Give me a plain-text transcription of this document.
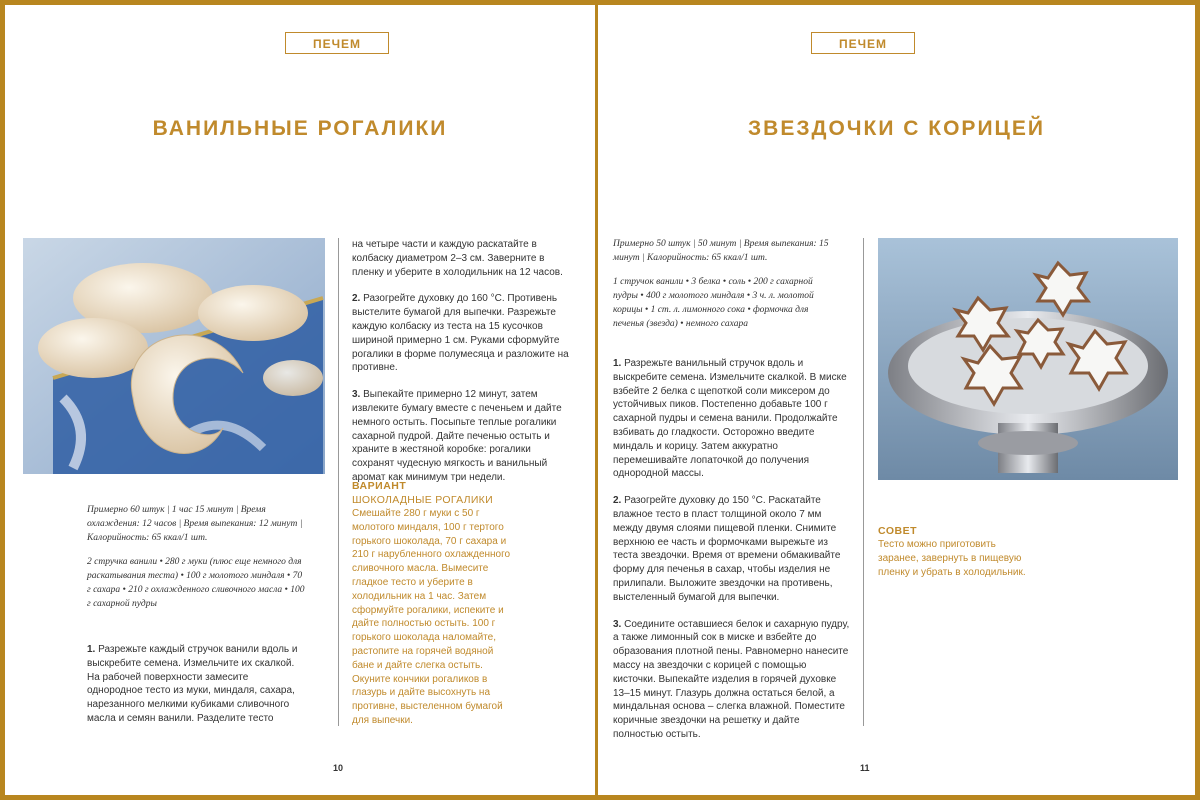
ПЕЧЕМ
ВАНИЛЬНЫЕ РОГАЛИКИ

Примерно 60 штук | 1 час 15 минут | Время охлаждения: 12 часов | Время выпекания: 12 минут | Калорийность: 65 ккал/1 шт.

2 стручка ванили • 280 г муки (плюс еще немного для раскатывания теста) • 100 г молотого миндаля • 70 г сахара • 210 г охлажденного сливочного масла • 100 г сахарной пудры

1. Разрежьте каждый стручок ванили вдоль и выскребите семена. Измельчите их скалкой. На рабочей поверхности замесите однородное тесто из муки, миндаля, сахара, нарезанного мелкими кубиками сливочного масла и семян ванили. Разделите тесто

на четыре части и каждую раскатайте в колбаску диаметром 2–3 см. Заверните в пленку и уберите в холодильник на 12 часов.

2. Разогрейте духовку до 160 °C. Противень выстелите бумагой для выпечки. Разрежьте каждую колбаску из теста на 15 кусочков шириной примерно 1 см. Руками сформуйте рогалики в форме полумесяца и разложите на противне.

3. Выпекайте примерно 12 минут, затем извлеките бумагу вместе с печеньем и дайте немного остыть. Посыпьте теплые рогалики сахарной пудрой. Дайте печенью остыть и храните в жестяной коробке: рогалики сохранят чудесную мягкость и ванильный аромат как минимум три недели.

ВАРИАНТ
ШОКОЛАДНЫЕ РОГАЛИКИ
Смешайте 280 г муки с 50 г молотого миндаля, 100 г тертого горького шоколада, 70 г сахара и 210 г нарубленного охлажденного сливочного масла. Вымесите гладкое тесто и уберите в холодильник на 1 час. Затем сформуйте рогалики, испеките и дайте полностью остыть. 100 г горького шоколада наломайте, растопите на горячей водяной бане и дайте слегка остыть. Окуните кончики рогаликов в глазурь и дайте высохнуть на противне, выстеленном бумагой для выпечки.
10
ПЕЧЕМ
ЗВЕЗДОЧКИ С КОРИЦЕЙ

Примерно 50 штук | 50 минут | Время выпекания: 15 минут | Калорийность: 65 ккал/1 шт.

1 стручок ванили • 3 белка • соль • 200 г сахарной пудры • 400 г молотого миндаля • 3 ч. л. молотой корицы • 1 ст. л. лимонного сока • формочка для печенья (звезда) • немного сахара

1. Разрежьте ванильный стручок вдоль и выскребите семена. Измельчите скалкой. В миске взбейте 2 белка с щепоткой соли миксером до устойчивых пиков. Постепенно добавьте 100 г сахарной пудры и семена ванили. Продолжайте взбивать до гладкости. Осторожно введите миндаль и корицу. Затем аккуратно перемешивайте лопаточкой до получения однородной массы.

2. Разогрейте духовку до 150 °C. Раскатайте влажное тесто в пласт толщиной около 7 мм между двумя слоями пищевой пленки. Снимите верхнюю ее часть и формочками вырежьте из теста звездочки. Время от времени обмакивайте форму для печенья в сахар, чтобы изделия не прилипали. Выложите звездочки на противень, выстеленный бумагой для выпечки.

3. Соедините оставшиеся белок и сахарную пудру, а также лимонный сок в миске и взбейте до образования плотной пены. Равномерно нанесите массу на звездочки с корицей с помощью кисточки. Выпекайте изделия в горячей духовке 13–15 минут. Глазурь должна остаться белой, а миндальная основа – слегка влажной. Поместите коричные звездочки на решетку и дайте полностью остыть.

СОВЕТ
Тесто можно приготовить заранее, завернуть в пищевую пленку и убрать в холодильник.
11
